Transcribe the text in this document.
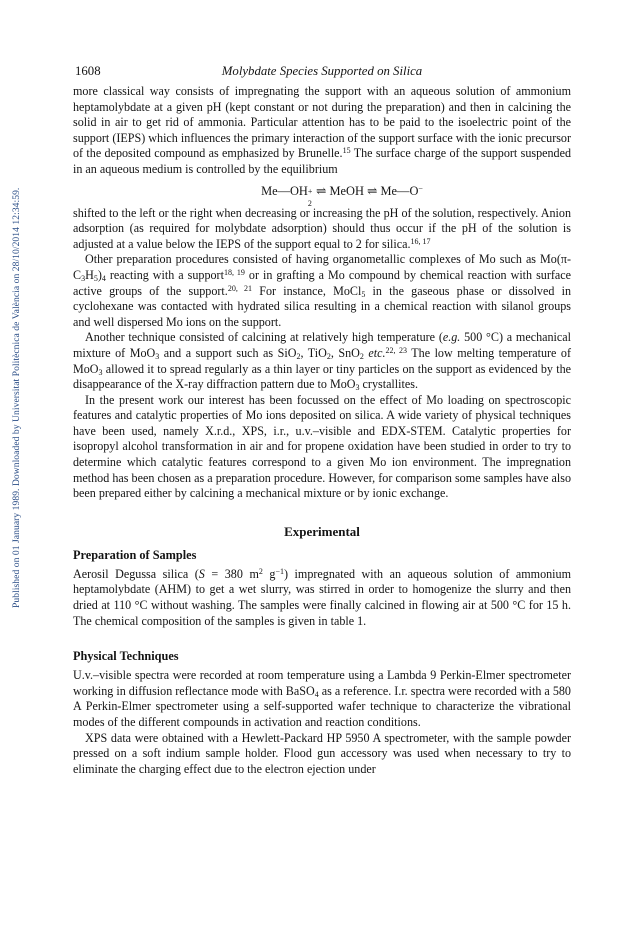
Published on 01 January 1989. Downloaded by Universitat Politècnica de València on 28/10/2014 12:34:59.
1608	Molybdate Species Supported on Silica

more classical way consists of impregnating the support with an aqueous solution of ammonium heptamolybdate at a given pH (kept constant or not during the preparation) and then in calcining the solid in air to get rid of ammonia. Particular attention has to be paid to the isoelectric point of the support (IEPS) which influences the primary interaction of the support surface with the ionic precursor of the deposited compound as emphasized by Brunelle.$^{15}$ The surface charge of the support suspended in an aqueous medium is controlled by the equilibrium

Me—OH +
2
⇌ MeOH ⇌ Me—O−

shifted to the left or the right when decreasing or increasing the pH of the solution, respectively. Anion adsorption (as required for molybdate adsorption) should thus occur if the pH of the solution is adjusted at a value below the IEPS of the support equal to 2 for silica.$^{16, 17}$

Other preparation procedures consisted of having organometallic complexes of Mo such as $Mo(\pi-C_3H_5)_4$ reacting with a support$^{18, 19}$ or in grafting a Mo compound by chemical reaction with surface active groups of the support.$^{20, 21}$ For instance, MoCl$_5$ in the gaseous phase or dissolved in cyclohexane was contacted with hydrated silica resulting in a chemical reaction with silanol groups and well dispersed Mo ions on the support.

Another technique consisted of calcining at relatively high temperature (e.g. 500 °C) a mechanical mixture of MoO$_3$ and a support such as SiO$_2$, TiO$_2$, SnO$_2$ etc.$^{22, 23}$ The low melting temperature of MoO$_3$ allowed it to spread regularly as a thin layer or tiny particles on the support as evidenced by the disappearance of the X-ray diffraction pattern due to MoO$_3$ crystallites.

In the present work our interest has been focussed on the effect of Mo loading on spectroscopic features and catalytic properties of Mo ions deposited on silica. A wide variety of physical techniques have been used, namely X.r.d., XPS, i.r., u.v.–visible and EDX-STEM. Catalytic properties for isopropyl alcohol transformation in air and for propene oxidation have been studied in order to try to determine which catalytic features correspond to a given Mo ion environment. The impregnation method has been chosen as a preparation procedure. However, for comparison some samples have also been prepared either by calcining a mechanical mixture or by ionic exchange.

Experimental
Preparation of Samples

Aerosil Degussa silica (S = 380 $m^2$ $g^{-1}$) impregnated with an aqueous solution of ammonium heptamolybdate (AHM) to get a wet slurry, was stirred in order to homogenize the slurry and then dried at 110 °C without washing. The samples were finally calcined in flowing air at 500 °C for 15 h. The chemical composition of the samples is given in table 1.

Physical Techniques

U.v.–visible spectra were recorded at room temperature using a Lambda 9 Perkin-Elmer spectrometer working in diffusion reflectance mode with BaSO$_4$ as a reference. I.r. spectra were recorded with a 580 A Perkin-Elmer spectrometer using a self-supported wafer technique to characterize the vibrational modes of the different compounds in activation and reaction conditions.

XPS data were obtained with a Hewlett-Packard HP 5950 A spectrometer, with the sample powder pressed on a soft indium sample holder. Flood gun accessory was used when necessary to try to eliminate the charging effect due to the electron ejection under
